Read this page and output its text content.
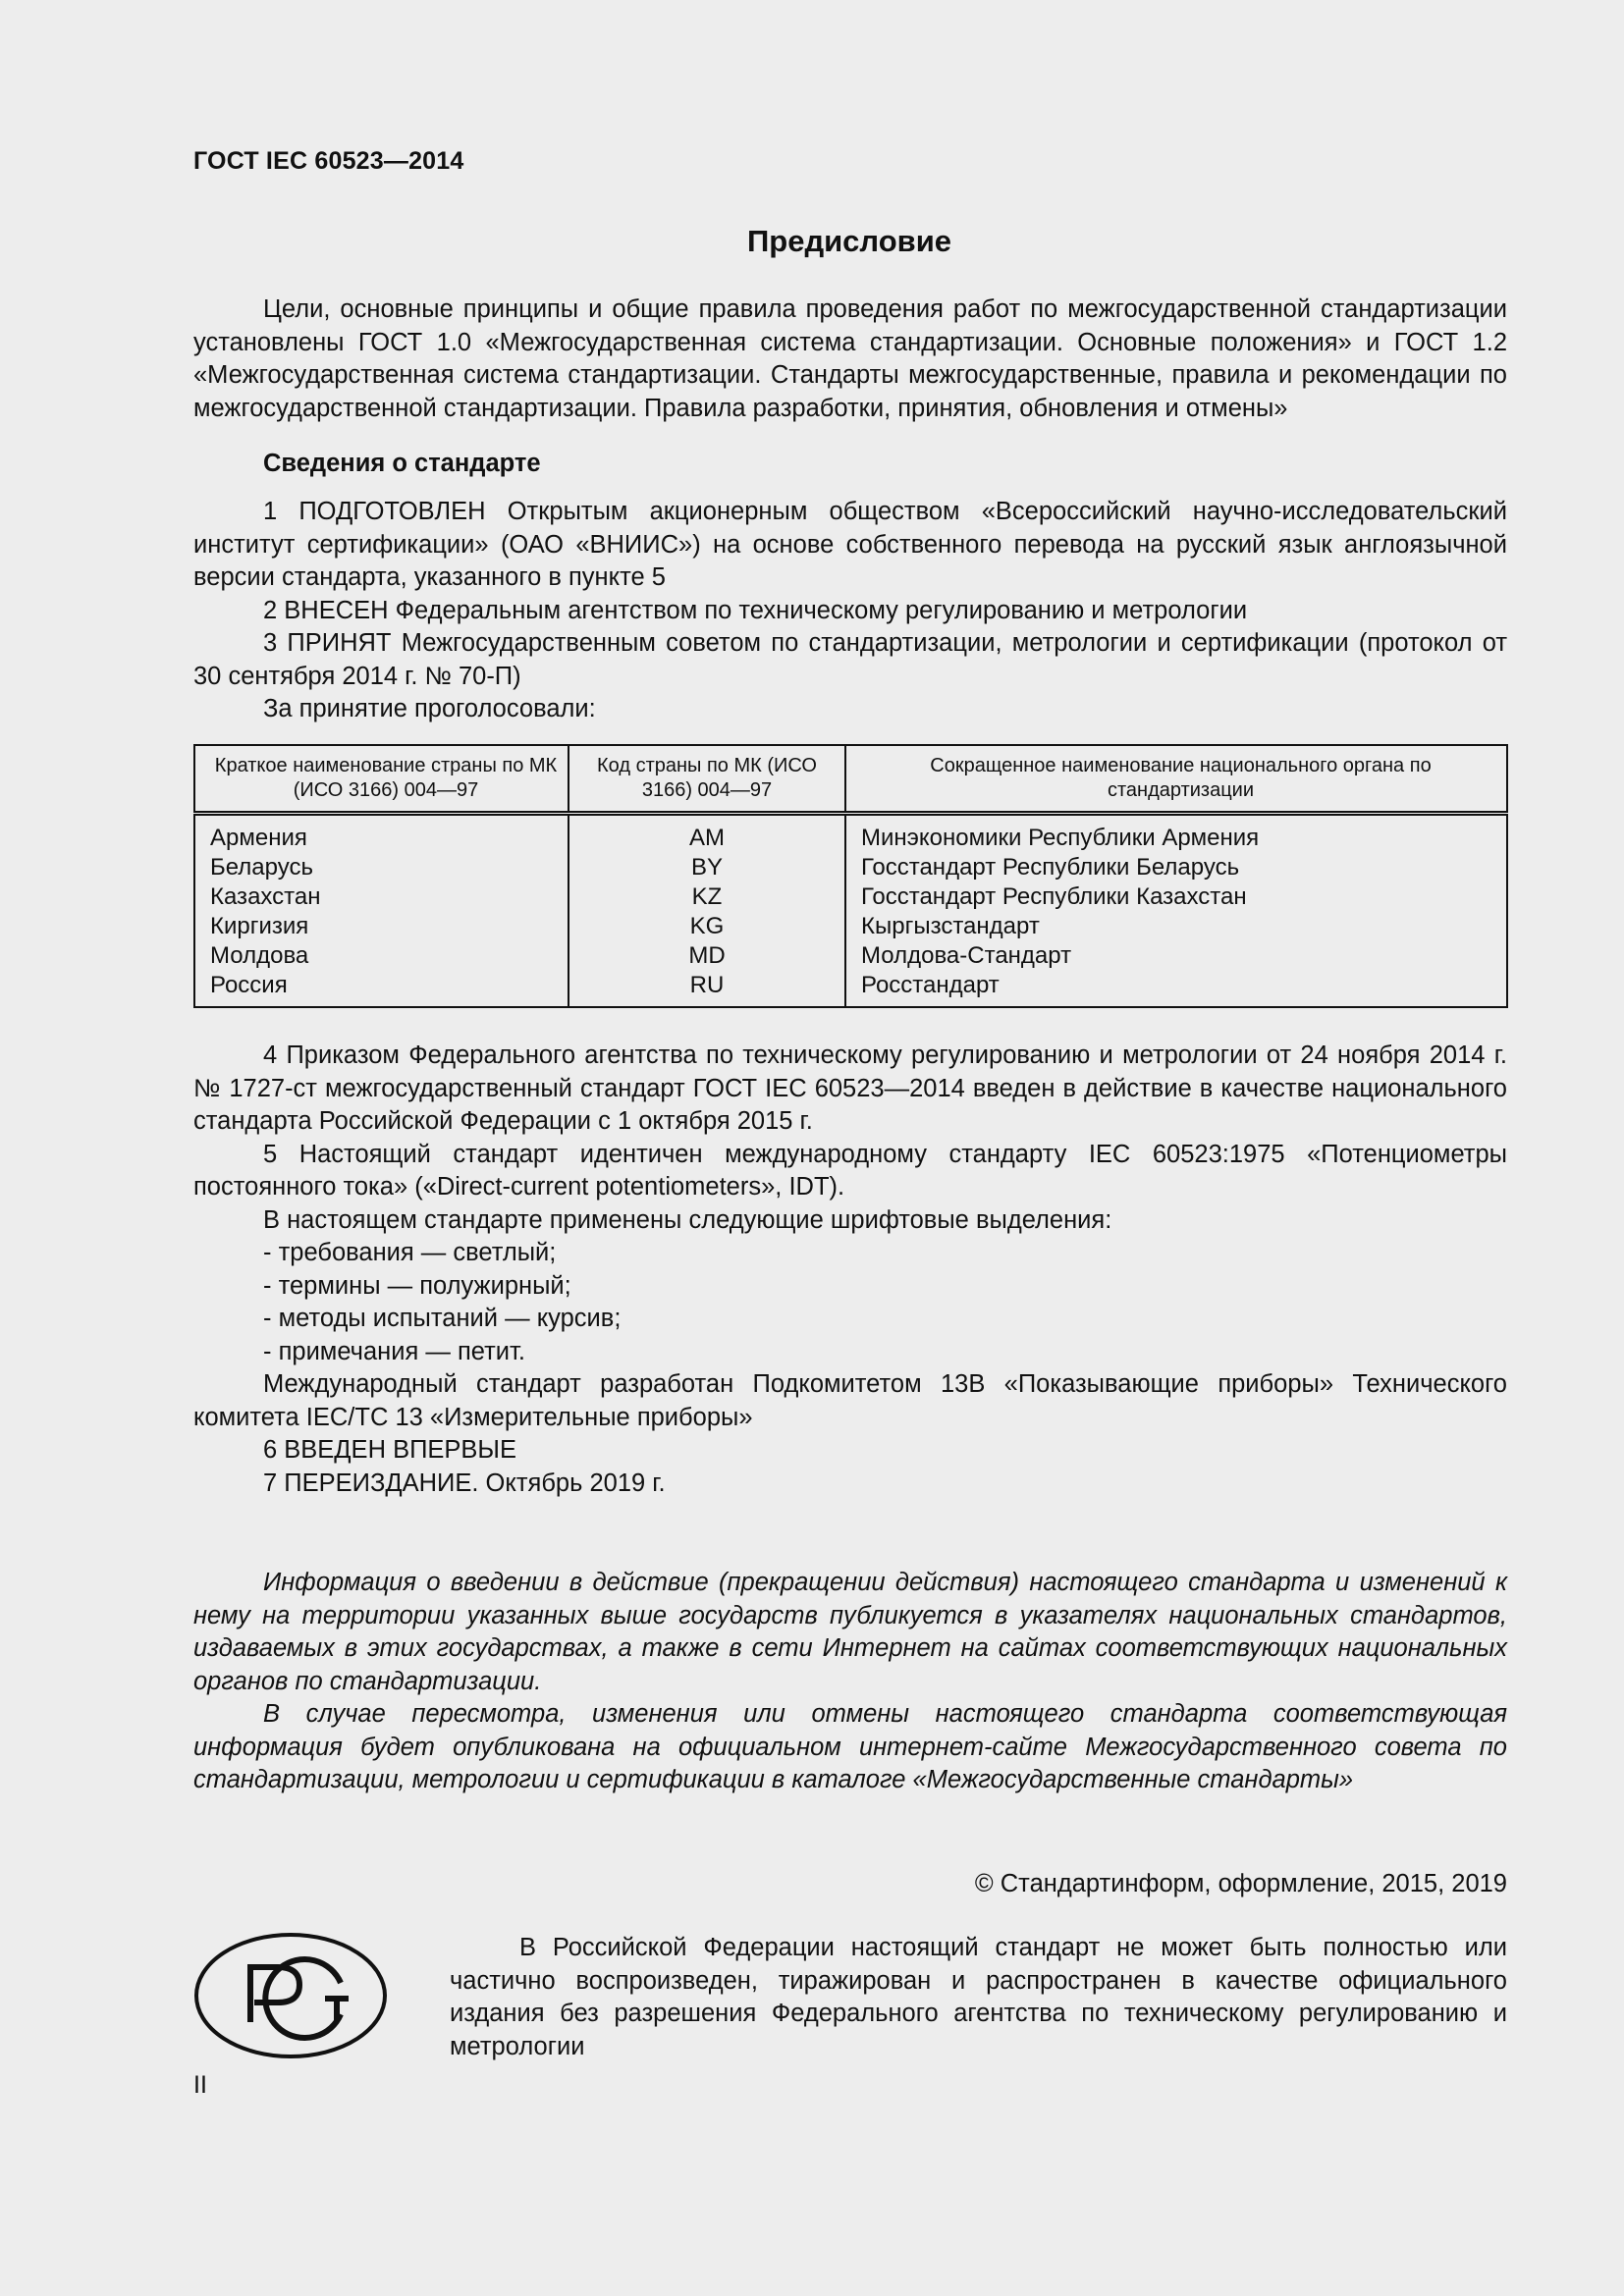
ГОСТ IEC 60523—2014
Предисловие

Цели, основные принципы и общие правила проведения работ по межгосударственной стандартизации установлены ГОСТ 1.0 «Межгосударственная система стандартизации. Основные положения» и ГОСТ 1.2 «Межгосударственная система стандартизации. Стандарты межгосударственные, правила и рекомендации по межгосударственной стандартизации. Правила разработки, принятия, обновления и отмены»

Сведения о стандарте

1 ПОДГОТОВЛЕН Открытым акционерным обществом «Всероссийский научно-исследовательский институт сертификации» (ОАО «ВНИИС») на основе собственного перевода на русский язык англоязычной версии стандарта, указанного в пункте 5

2 ВНЕСЕН Федеральным агентством по техническому регулированию и метрологии

3 ПРИНЯТ Межгосударственным советом по стандартизации, метрологии и сертификации (протокол от 30 сентября 2014 г. № 70-П)

За принятие проголосовали:

Краткое наименование страны по МК (ИСО 3166) 004—97	Код страны по МК (ИСО 3166) 004—97	Сокращенное наименование национального органа по стандартизации
Армения	AM	Минэкономики Республики Армения
Беларусь	BY	Госстандарт Республики Беларусь
Казахстан	KZ	Госстандарт Республики Казахстан
Киргизия	KG	Кыргызстандарт
Молдова	MD	Молдова-Стандарт
Россия	RU	Росстандарт

4 Приказом Федерального агентства по техническому регулированию и метрологии от 24 ноября 2014 г. № 1727-ст межгосударственный стандарт ГОСТ IEC 60523—2014 введен в действие в качестве национального стандарта Российской Федерации с 1 октября 2015 г.

5 Настоящий стандарт идентичен международному стандарту IEC 60523:1975 «Потенциометры постоянного тока» («Direct-current potentiometers», IDT).

В настоящем стандарте применены следующие шрифтовые выделения:

- требования — светлый;

- термины — полужирный;

- методы испытаний — курсив;

- примечания — петит.

Международный стандарт разработан Подкомитетом 13В «Показывающие приборы» Технического комитета IEC/TC 13 «Измерительные приборы»

6 ВВЕДЕН ВПЕРВЫЕ

7 ПЕРЕИЗДАНИЕ. Октябрь 2019 г.

Информация о введении в действие (прекращении действия) настоящего стандарта и изменений к нему на территории указанных выше государств публикуется в указателях национальных стандартов, издаваемых в этих государствах, а также в сети Интернет на сайтах соответствующих национальных органов по стандартизации.

В случае пересмотра, изменения или отмены настоящего стандарта соответствующая информация будет опубликована на официальном интернет-сайте Межгосударственного совета по стандартизации, метрологии и сертификации в каталоге «Межгосударственные стандарты»

© Стандартинформ, оформление, 2015, 2019

В Российской Федерации настоящий стандарт не может быть полностью или частично воспроизведен, тиражирован и распространен в качестве официального издания без разрешения Федерального агентства по техническому регулированию и метрологии

II
